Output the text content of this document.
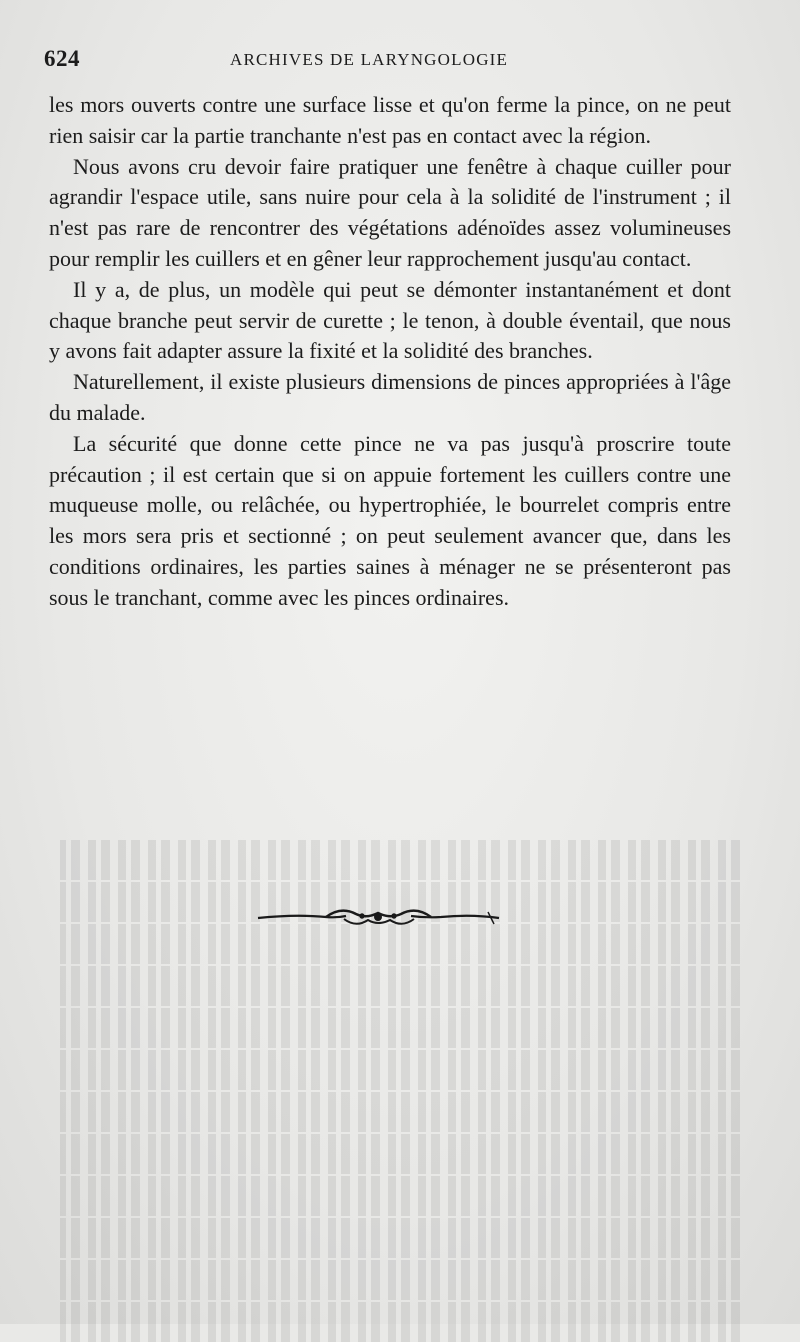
624	ARCHIVES DE LARYNGOLOGIE

les mors ouverts contre une surface lisse et qu'on ferme la pince, on ne peut rien saisir car la partie tranchante n'est pas en contact avec la région.

Nous avons cru devoir faire pratiquer une fenêtre à chaque cuiller pour agrandir l'espace utile, sans nuire pour cela à la solidité de l'instrument ; il n'est pas rare de rencontrer des végétations adénoïdes assez volumineuses pour remplir les cuillers et en gêner leur rapprochement jusqu'au contact.

Il y a, de plus, un modèle qui peut se démonter instantanément et dont chaque branche peut servir de curette ; le tenon, à double éventail, que nous y avons fait adapter assure la fixité et la solidité des branches.

Naturellement, il existe plusieurs dimensions de pinces appropriées à l'âge du malade.

La sécurité que donne cette pince ne va pas jusqu'à proscrire toute précaution ; il est certain que si on appuie fortement les cuillers contre une muqueuse molle, ou relâchée, ou hypertrophiée, le bourrelet compris entre les mors sera pris et sectionné ; on peut seulement avancer que, dans les conditions ordinaires, les parties saines à ménager ne se présenteront pas sous le tranchant, comme avec les pinces ordinaires.
